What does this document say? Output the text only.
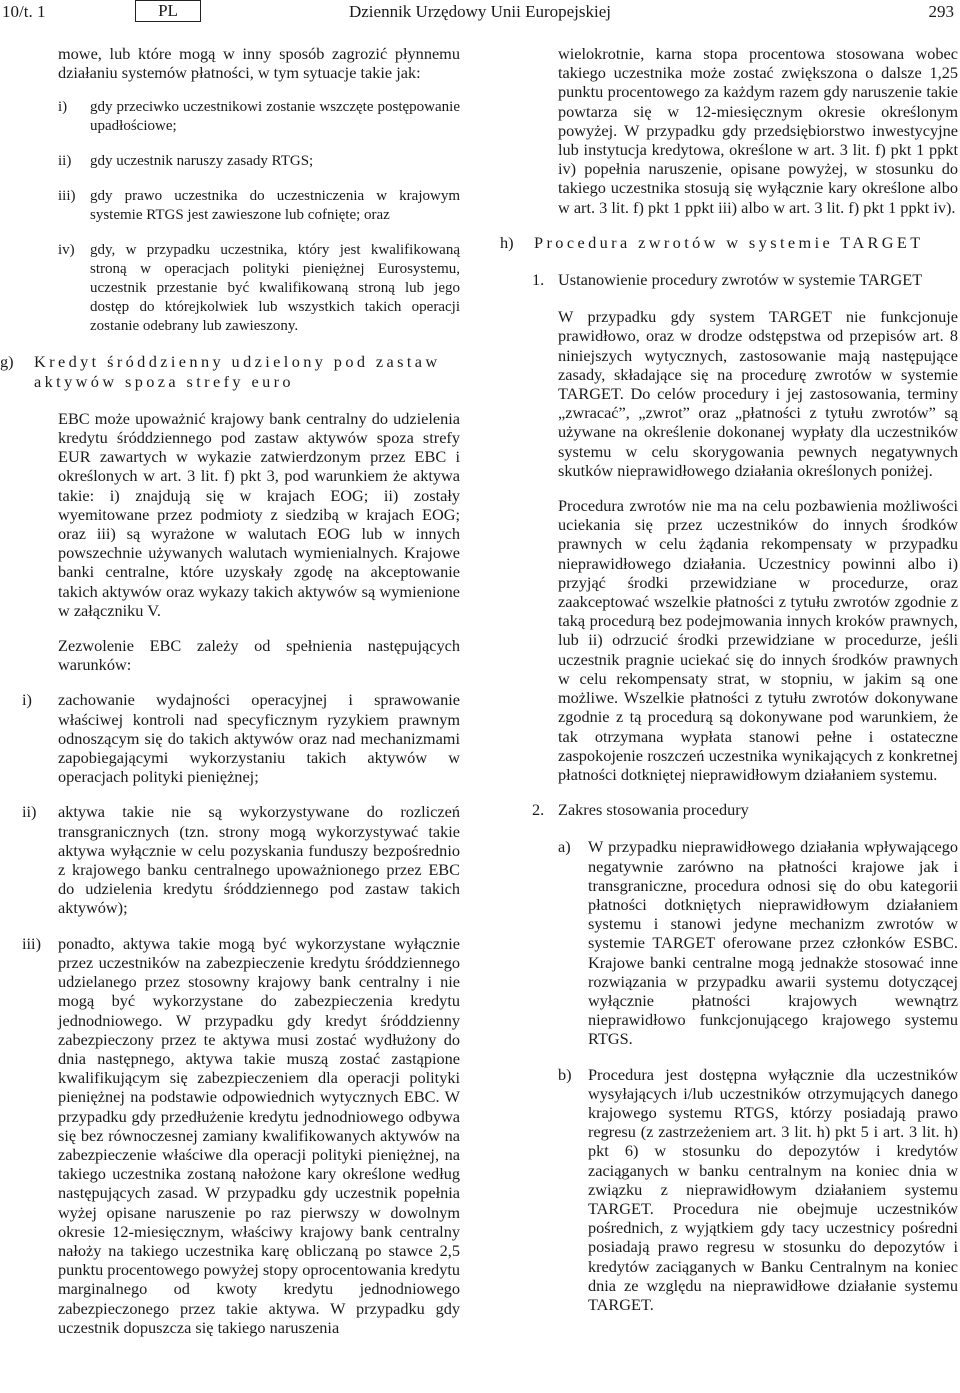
10/t. 1	Dziennik Urzędowy Unii Europejskiej
PL	293

mowe, lub które mogą w inny sposób zagrozić płynnemu działaniu systemów płatności, w tym sytuacje takie jak:

i)	gdy przeciwko uczestnikowi zostanie wszczęte postępowanie upadłościowe;
ii)	gdy uczestnik naruszy zasady RTGS;
iii) gdy prawo uczestnika do uczestniczenia w krajowym systemie RTGS jest zawieszone lub cofnięte; oraz
iv)	gdy, w przypadku uczestnika, który jest kwalifikowaną stroną w operacjach polityki pieniężnej Eurosystemu, uczestnik przestanie być kwalifikowaną stroną lub jego dostęp do którejkolwiek lub wszystkich takich operacji zostanie odebrany lub zawieszony.
g)	Kredyt śróddzienny udzielony pod zastaw aktywów spoza strefy euro

EBC może upoważnić krajowy bank centralny do udzielenia kredytu śróddziennego pod zastaw aktywów spoza strefy EUR zawartych w wykazie zatwierdzonym przez EBC i określonych w art. 3 lit. f) pkt 3, pod warunkiem że aktywa takie: i) znajdują się w krajach EOG; ii) zostały wyemitowane przez podmioty z siedzibą w krajach EOG; oraz iii) są wyrażone w walutach EOG lub w innych powszechnie używanych walutach wymienialnych. Krajowe banki centralne, które uzyskały zgodę na akceptowanie takich aktywów oraz wykazy takich aktywów są wymienione w załączniku V.

Zezwolenie EBC zależy od spełnienia następujących warunków:

i)	zachowanie wydajności operacyjnej i sprawowanie właściwej kontroli nad specyficznym ryzykiem prawnym odnoszącym się do takich aktywów oraz nad mechanizmami zapobiegającymi wykorzystaniu takich aktywów w operacjach polityki pieniężnej;
ii)	aktywa takie nie są wykorzystywane do rozliczeń transgranicznych (tzn. strony mogą wykorzystywać takie aktywa wyłącznie w celu pozyskania funduszy bezpośrednio z krajowego banku centralnego upoważnionego przez EBC do udzielenia kredytu śróddziennego pod zastaw takich aktywów);
iii)	ponadto, aktywa takie mogą być wykorzystane wyłącznie przez uczestników na zabezpieczenie kredytu śróddziennego udzielanego przez stosowny krajowy bank centralny i nie mogą być wykorzystane do zabezpieczenia kredytu jednodniowego. W przypadku gdy kredyt śróddzienny zabezpieczony przez te aktywa musi zostać wydłużony do dnia następnego, aktywa takie muszą zostać zastąpione kwalifikującym się zabezpieczeniem dla operacji polityki pieniężnej na podstawie odpowiednich wytycznych EBC. W przypadku gdy przedłużenie kredytu jednodniowego odbywa się bez równoczesnej zamiany kwalifikowanych aktywów na zabezpieczenie właściwe dla operacji polityki pieniężnej, na takiego uczestnika zostaną nałożone kary określone według następujących zasad. W przypadku gdy uczestnik popełnia wyżej opisane naruszenie po raz pierwszy w dowolnym okresie 12-miesięcznym, właściwy krajowy bank centralny nałoży na takiego uczestnika karę obliczaną po stawce 2,5 punktu procentowego powyżej stopy oprocentowania kredytu marginalnego od kwoty kredytu jednodniowego zabezpieczonego przez takie aktywa. W przypadku gdy uczestnik dopuszcza się takiego naruszenia

wielokrotnie, karna stopa procentowa stosowana wobec takiego uczestnika może zostać zwiększona o dalsze 1,25 punktu procentowego za każdym razem gdy naruszenie takie powtarza się w 12-miesięcznym okresie określonym powyżej. W przypadku gdy przedsiębiorstwo inwestycyjne lub instytucja kredytowa, określone w art. 3 lit. f) pkt 1 ppkt iv) popełnia naruszenie, opisane powyżej, w stosunku do takiego uczestnika stosują się wyłącznie kary określone albo w art. 3 lit. f) pkt 1 ppkt iii) albo w art. 3 lit. f) pkt 1 ppkt iv).

h)	Procedura zwrotów w systemie TARGET
1. Ustanowienie procedury zwrotów w systemie TARGET

W przypadku gdy system TARGET nie funkcjonuje prawidłowo, oraz w drodze odstępstwa od przepisów art. 8 niniejszych wytycznych, zastosowanie mają następujące zasady, składające się na procedurę zwrotów w systemie TARGET. Do celów procedury i jej zastosowania, terminy „zwracać”, „zwrot” oraz „płatności z tytułu zwrotów” są używane na określenie dokonanej wypłaty dla uczestników systemu w celu skorygowania pewnych negatywnych skutków nieprawidłowego działania określonych poniżej.

Procedura zwrotów nie ma na celu pozbawienia możliwości uciekania się przez uczestników do innych środków prawnych w celu żądania rekompensaty w przypadku nieprawidłowego działania. Uczestnicy powinni albo i) przyjąć środki przewidziane w procedurze, oraz zaakceptować wszelkie płatności z tytułu zwrotów zgodnie z taką procedurą bez podejmowania innych kroków prawnych, lub ii) odrzucić środki przewidziane w procedurze, jeśli uczestnik pragnie uciekać się do innych środków prawnych w celu rekompensaty strat, w stopniu, w jakim są one możliwe. Wszelkie płatności z tytułu zwrotów dokonywane zgodnie z tą procedurą są dokonywane pod warunkiem, że tak otrzymana wypłata stanowi pełne i ostateczne zaspokojenie roszczeń uczestnika wynikających z konkretnej płatności dotkniętej nieprawidłowym działaniem systemu.

2. Zakres stosowania procedury
a)	W przypadku nieprawidłowego działania wpływającego negatywnie zarówno na płatności krajowe jak i transgraniczne, procedura odnosi się do obu kategorii płatności dotkniętych nieprawidłowym działaniem systemu i stanowi jedyne mechanizm zwrotów w systemie TARGET oferowane przez członków ESBC. Krajowe banki centralne mogą jednakże stosować inne rozwiązania w przypadku awarii systemu dotyczącej wyłącznie płatności krajowych wewnątrz nieprawidłowo funkcjonującego krajowego systemu RTGS.
b)	Procedura jest dostępna wyłącznie dla uczestników wysyłających i/lub uczestników otrzymujących danego krajowego systemu RTGS, którzy posiadają prawo regresu (z zastrzeżeniem art. 3 lit. h) pkt 5 i art. 3 lit. h) pkt 6) w stosunku do depozytów i kredytów zaciąganych w banku centralnym na koniec dnia w związku z nieprawidłowym działaniem systemu TARGET. Procedura nie obejmuje uczestników pośrednich, z wyjątkiem gdy tacy uczestnicy pośredni posiadają prawo regresu w stosunku do depozytów i kredytów zaciąganych w Banku Centralnym na koniec dnia ze względu na nieprawidłowe działanie systemu TARGET.
